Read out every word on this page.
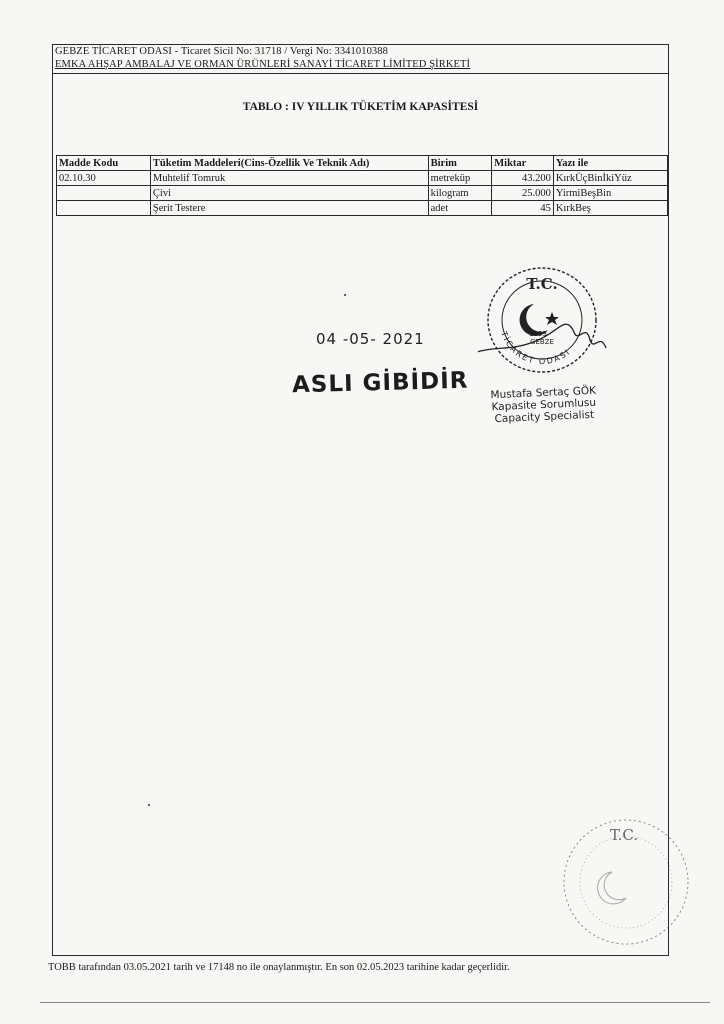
GEBZE TİCARET ODASI - Ticaret Sicil No: 31718 / Vergi No: 3341010388
EMKA AHŞAP AMBALAJ VE ORMAN ÜRÜNLERİ SANAYİ TİCARET LİMİTED ŞİRKETİ
TABLO : IV YILLIK TÜKETİM KAPASİTESİ
Madde Kodu	Tüketim Maddeleri(Cins-Özellik Ve Teknik Adı)	Birim	Miktar	Yazı ile
02.10.30	Muhtelif Tomruk	metreküp	43.200	KırkÜçBinİkiYüz
	Çivi	kilogram	25.000	YirmiBeşBin
	Şerit Testere	adet	45	KırkBeş
04 -05- 2021
ASLI GİBİDİR
T.C.
TİCARET ODASI
GEBZE
1993
Mustafa Sertaç GÖK
Kapasite Sorumlusu
Capacity Specialist
T.C.
TOBB tarafından 03.05.2021 tarih ve 17148 no ile onaylanmıştır. En son 02.05.2023 tarihine kadar geçerlidir.
